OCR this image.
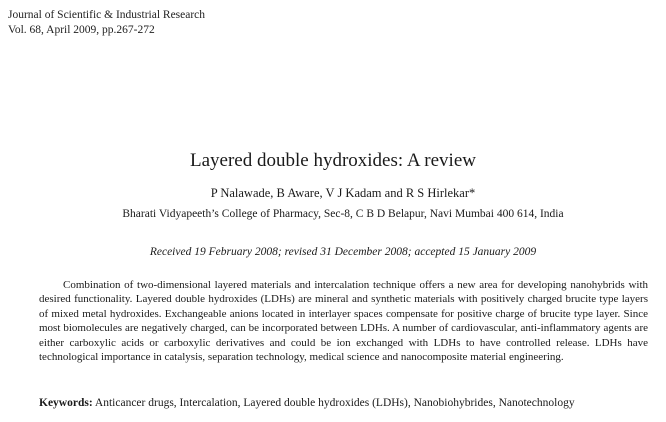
Journal of Scientific & Industrial Research
Vol. 68, April 2009, pp.267-272
Layered double hydroxides: A review
P Nalawade, B Aware, V J Kadam and R S Hirlekar*
Bharati Vidyapeeth’s College of Pharmacy, Sec-8, C B D Belapur, Navi Mumbai 400 614, India
Received 19 February 2008; revised 31 December 2008; accepted 15 January 2009

Combination of two-dimensional layered materials and intercalation technique offers a new area for developing nanohybrids with desired functionality. Layered double hydroxides (LDHs) are mineral and synthetic materials with positively charged brucite type layers of mixed metal hydroxides. Exchangeable anions located in interlayer spaces compensate for positive charge of brucite type layer. Since most biomolecules are negatively charged, can be incorporated between LDHs. A number of cardiovascular, anti-inflammatory agents are either carboxylic acids or carboxylic derivatives and could be ion exchanged with LDHs to have controlled release. LDHs have technological importance in catalysis, separation technology, medical science and nanocomposite material engineering.

Keywords: Anticancer drugs, Intercalation, Layered double hydroxides (LDHs), Nanobiohybrides, Nanotechnology
